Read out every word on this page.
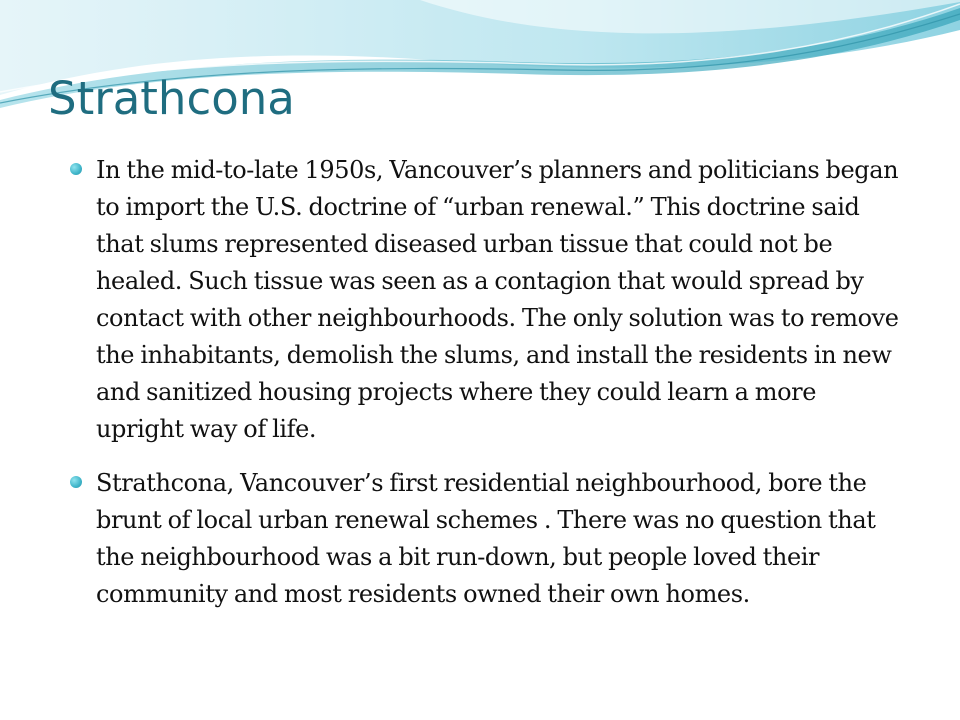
Strathcona

In the mid-to-late 1950s, Vancouver’s planners and politicians began to import the U.S. doctrine of “urban renewal.” This doctrine said that slums represented diseased urban tissue that could not be healed. Such tissue was seen as a contagion that would spread by contact with other neighbourhoods. The only solution was to remove the inhabitants, demolish the slums, and install the residents in new and sanitized housing projects where they could learn a more upright way of life.

Strathcona, Vancouver’s first residential neighbourhood, bore the brunt of local urban renewal schemes . There was no question that the neighbourhood was a bit run-down, but people loved their community and most residents owned their own homes.
